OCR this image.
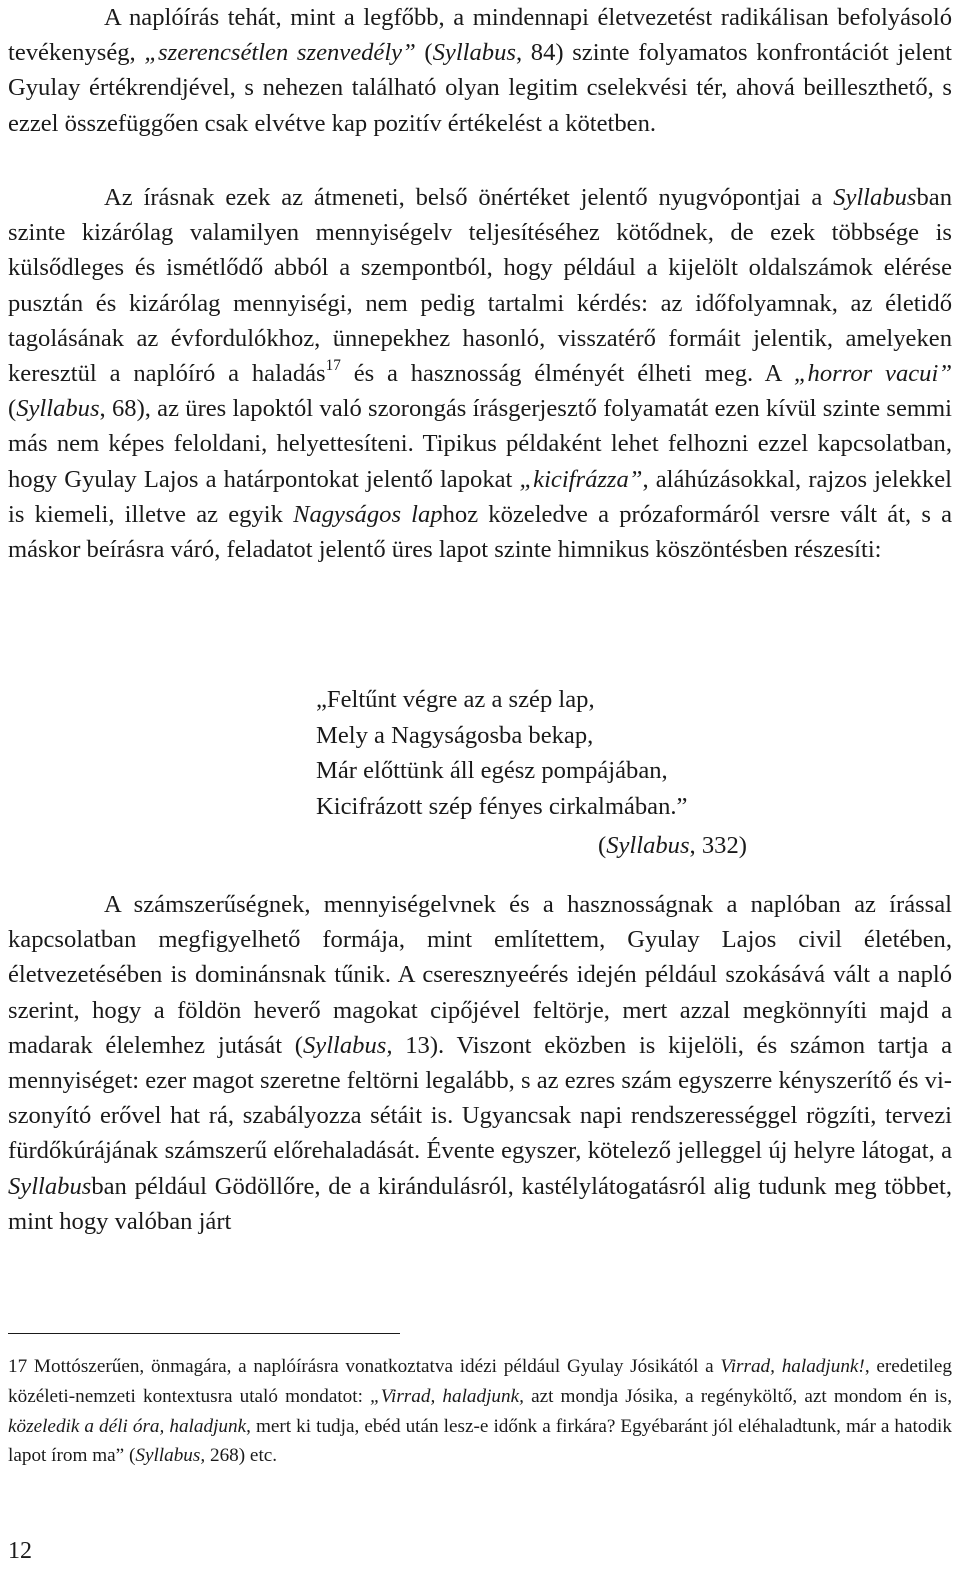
A naplóírás tehát, mint a legfőbb, a mindennapi életvezetést radikálisan befolyásoló tevékenység, „szerencsétlen szenvedély” (Syllabus, 84) szinte folyamatos konfrontációt jelent Gyulay értékrendjével, s nehezen található olyan legitim cselekvési tér, ahová beilleszthető, s ezzel összefüggően csak elvétve kap pozitív értékelést a kötetben.

Az írásnak ezek az átmeneti, belső önértéket jelentő nyugvópontjai a Syllabusban szinte kizárólag valamilyen mennyiségelv teljesítéséhez kötődnek, de ezek többsége is külsődleges és ismétlődő abból a szempontból, hogy például a kijelölt oldalszámok elérése pusztán és kizárólag mennyiségi, nem pedig tartalmi kérdés: az időfolyamnak, az életidő tagolásának az évfordulókhoz, ünnepekhez hasonló, visszatérő formáit jelentik, amelyeken keresztül a naplóíró a haladás$^{17}$ és a hasznosság élményét élheti meg. A „horror vacui” (Syllabus, 68), az üres lapoktól való szorongás írásgerjesztő folyamatát ezen kívül szinte semmi más nem képes feloldani, helyettesíteni. Tipikus példaként lehet felhozni ezzel kapcsolatban, hogy Gyulay Lajos a határpontokat jelentő lapokat „kicifrázza”, aláhúzásokkal, rajzos jelekkel is kiemeli, illetve az egyik Nagyságos laphoz közeledve a prózaformáról versre vált át, s a máskor beírásra váró, feladatot jelentő üres lapot szinte himnikus köszöntésben részesíti:

„Feltűnt végre az a szép lap,
Mely a Nagyságosba bekap,
Már előttünk áll egész pompájában,
Kicifrázott szép fényes cirkalmában.”
(Syllabus, 332)

A számszerűségnek, mennyiségelvnek és a hasznosságnak a naplóban az írással kapcsolatban megfigyelhető formája, mint említettem, Gyulay Lajos civil életében, életvezetésében is dominánsnak tűnik. A cseresznyeérés idején például szokásává vált a napló szerint, hogy a földön heverő magokat cipőjével feltörje, mert azzal megkönnyíti majd a madarak élelemhez jutását (Syllabus, 13). Viszont eközben is kijelöli, és számon tartja a mennyiséget: ezer magot szeretne feltörni legalább, s az ezres szám egyszerre kényszerítő és viszonyító erővel hat rá, szabályozza sétáit is. Ugyancsak napi rendszerességgel rögzíti, tervezi fürdőkúrájának számszerű előrehaladását. Évente egyszer, kötelező jelleggel új helyre látogat, a Syllabusban például Gödöllőre, de a kirándulásról, kastélylátogatásról alig tudunk meg többet, mint hogy valóban járt

17 Mottószerűen, önmagára, a naplóírásra vonatkoztatva idézi például Gyulay Jósikától a Virrad, haladjunk!, eredetileg közéleti-nemzeti kontextusra utaló mondatot: „Virrad, haladjunk, azt mondja Jósika, a regényköltő, azt mondom én is, közeledik a déli óra, haladjunk, mert ki tudja, ebéd után lesz-e időnk a firkára? Egyébaránt jól eléhaladtunk, már a hatodik lapot írom ma” (Syllabus, 268) etc.
12
